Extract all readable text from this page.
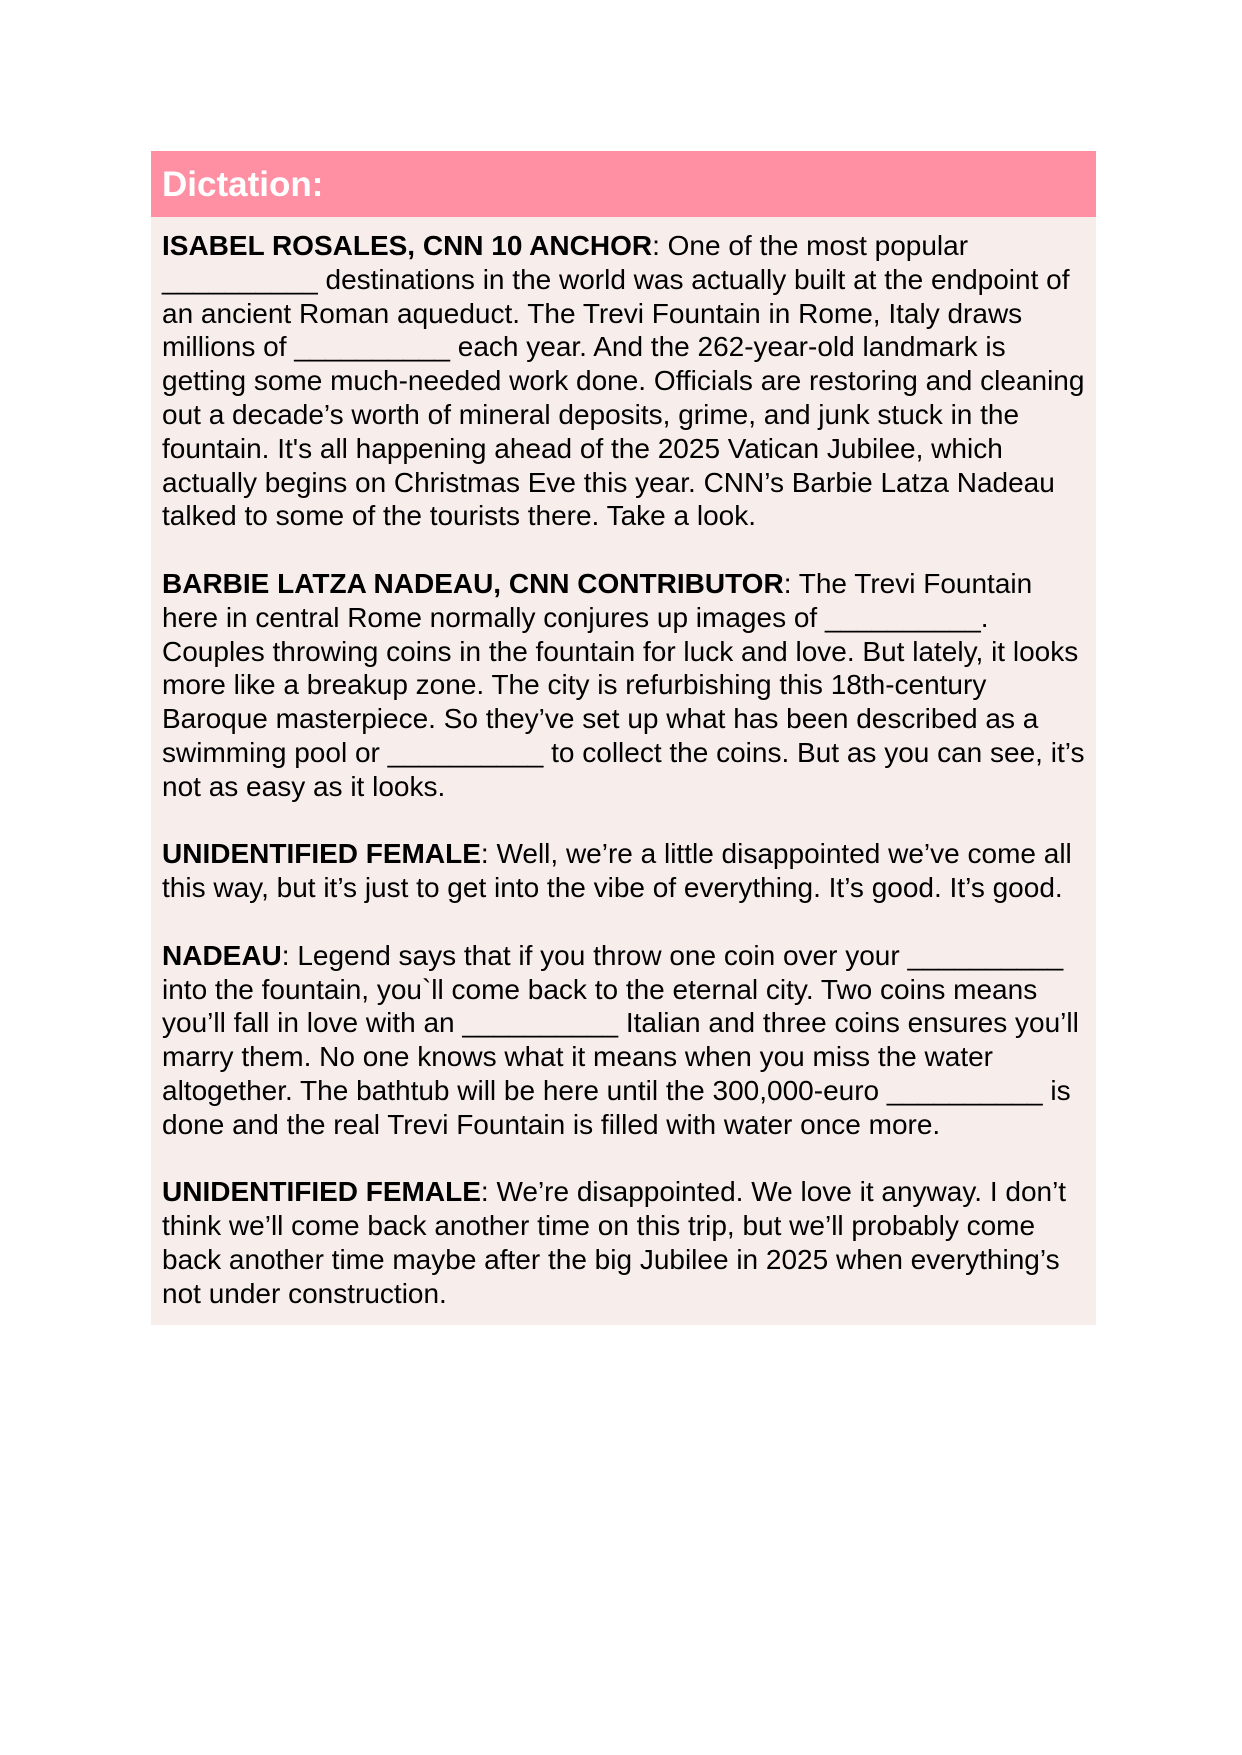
Dictation:

ISABEL ROSALES, CNN 10 ANCHOR: One of the most popular __________ destinations in the world was actually built at the endpoint of an ancient Roman aqueduct. The Trevi Fountain in Rome, Italy draws millions of __________ each year. And the 262-year-old landmark is getting some much-needed work done. Officials are restoring and cleaning out a decade’s worth of mineral deposits, grime, and junk stuck in the fountain. It's all happening ahead of the 2025 Vatican Jubilee, which actually begins on Christmas Eve this year. CNN’s Barbie Latza Nadeau talked to some of the tourists there. Take a look.

BARBIE LATZA NADEAU, CNN CONTRIBUTOR: The Trevi Fountain here in central Rome normally conjures up images of __________. Couples throwing coins in the fountain for luck and love. But lately, it looks more like a breakup zone. The city is refurbishing this 18th-century Baroque masterpiece. So they’ve set up what has been described as a swimming pool or __________ to collect the coins. But as you can see, it’s not as easy as it looks.

UNIDENTIFIED FEMALE: Well, we’re a little disappointed we’ve come all this way, but it’s just to get into the vibe of everything. It’s good. It’s good.

NADEAU: Legend says that if you throw one coin over your __________ into the fountain, you`ll come back to the eternal city. Two coins means you’ll fall in love with an __________ Italian and three coins ensures you’ll marry them. No one knows what it means when you miss the water altogether. The bathtub will be here until the 300,000-euro __________ is done and the real Trevi Fountain is filled with water once more.

UNIDENTIFIED FEMALE: We’re disappointed. We love it anyway. I don’t think we’ll come back another time on this trip, but we’ll probably come back another time maybe after the big Jubilee in 2025 when everything’s not under construction.
